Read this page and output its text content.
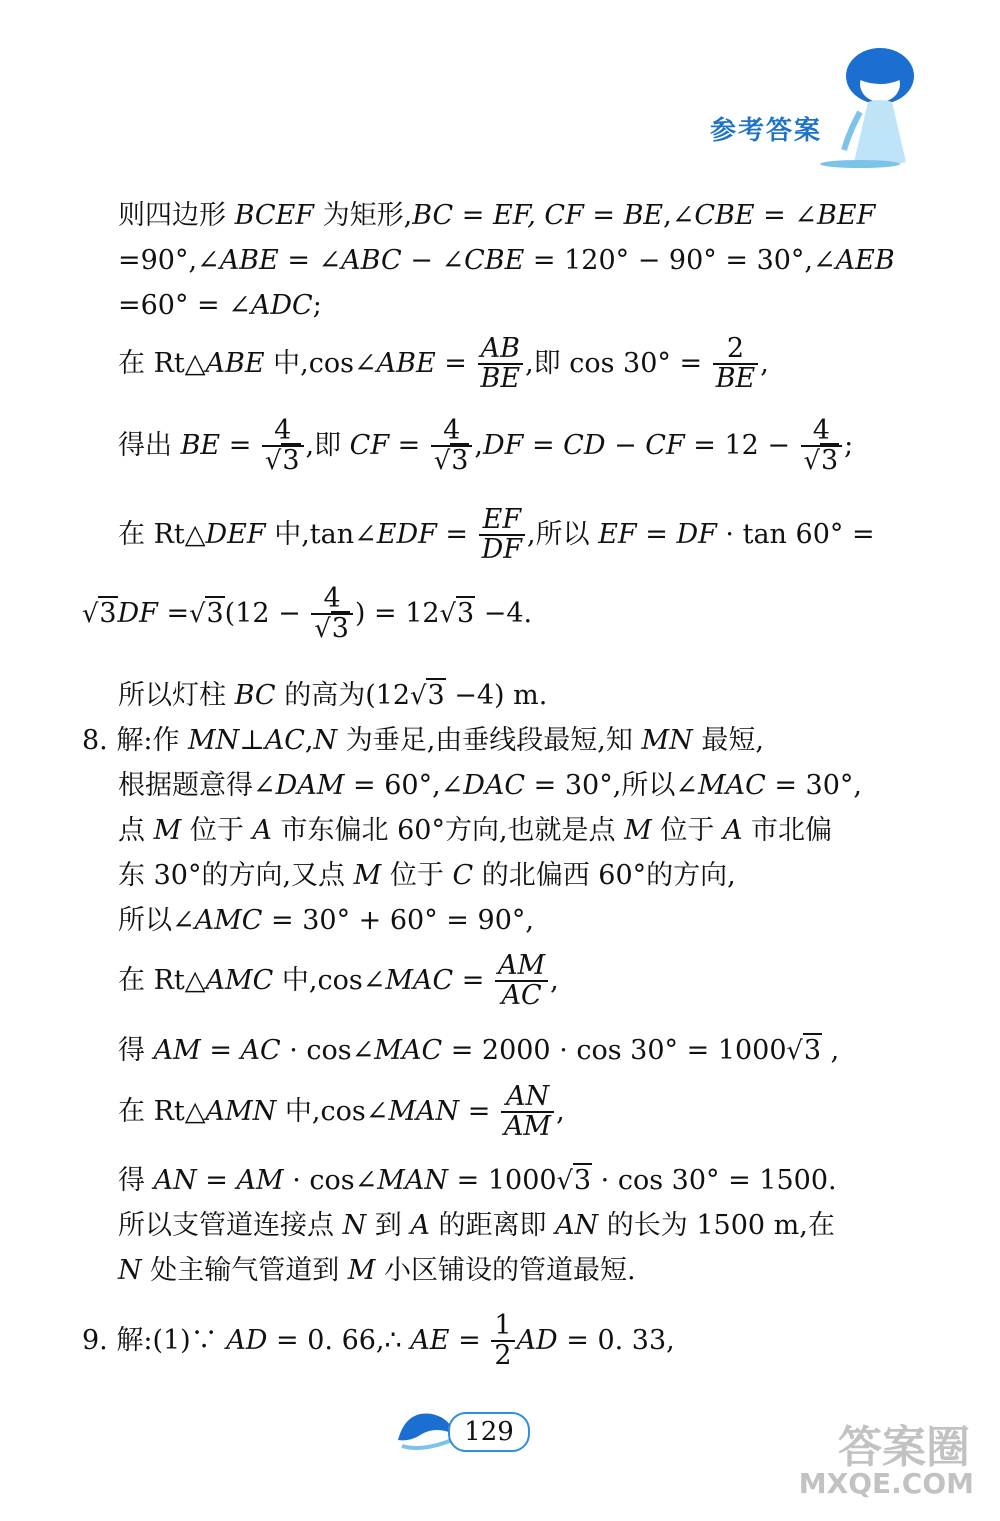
参考答案
则四边形 BCEF 为矩形,BC = EF, CF = BE,∠CBE = ∠BEF
=90°,∠ABE = ∠ABC − ∠CBE = 120° − 90° = 30°,∠AEB
=60° = ∠ADC;
在 Rt△ABE 中,cos∠ABE = $\frac{AB}{BE}$ ,即 $\cos 30^\circ = \frac{2}{BE}$ ,
得出 BE = $\frac{4}{√3}$ ,即 CF = $\frac{4}{√3} ,DF$ = CD − CF = $12 - \frac{4}{√3}$ ;
在 Rt△DEF 中,tan∠EDF = $\frac{EF}{DF}$ ,所以 EF = DF · tan 60° =
$√3DF =√3(12 - \frac{4}{√3}$ ) = 12√3 −4.
所以灯柱 BC 的高为(12√3 −4) m.
8. 解:作 MN⊥AC,N 为垂足,由垂线段最短,知 MN 最短,
根据题意得∠DAM = 60°,∠DAC = 30°,所以∠MAC = 30°,
点 M 位于 A 市东偏北 60°方向,也就是点 M 位于 A 市北偏
东 30°的方向,又点 M 位于 C 的北偏西 60°的方向,
所以∠AMC = 30° + 60° = 90°,
在 Rt△AMC 中,cos∠MAC = $\frac{AM}{AC}$ ,
得 AM = AC · cos∠MAC = 2000 · cos 30° = 1000√3 ,
在 Rt△AMN 中,cos∠MAN = $\frac{AN}{AM}$ ,
得 AN = AM · cos∠MAN = 1000√3 · cos 30° = 1500.
所以支管道连接点 N 到 A 的距离即 AN 的长为 1500 m,在
N 处主输气管道到 M 小区铺设的管道最短.
9. 解:(1)∵ AD = 0. 66,∴ AE = $\frac{1}{2}$ AD = 0. 33,
129	答案圈
MXQE.COM
